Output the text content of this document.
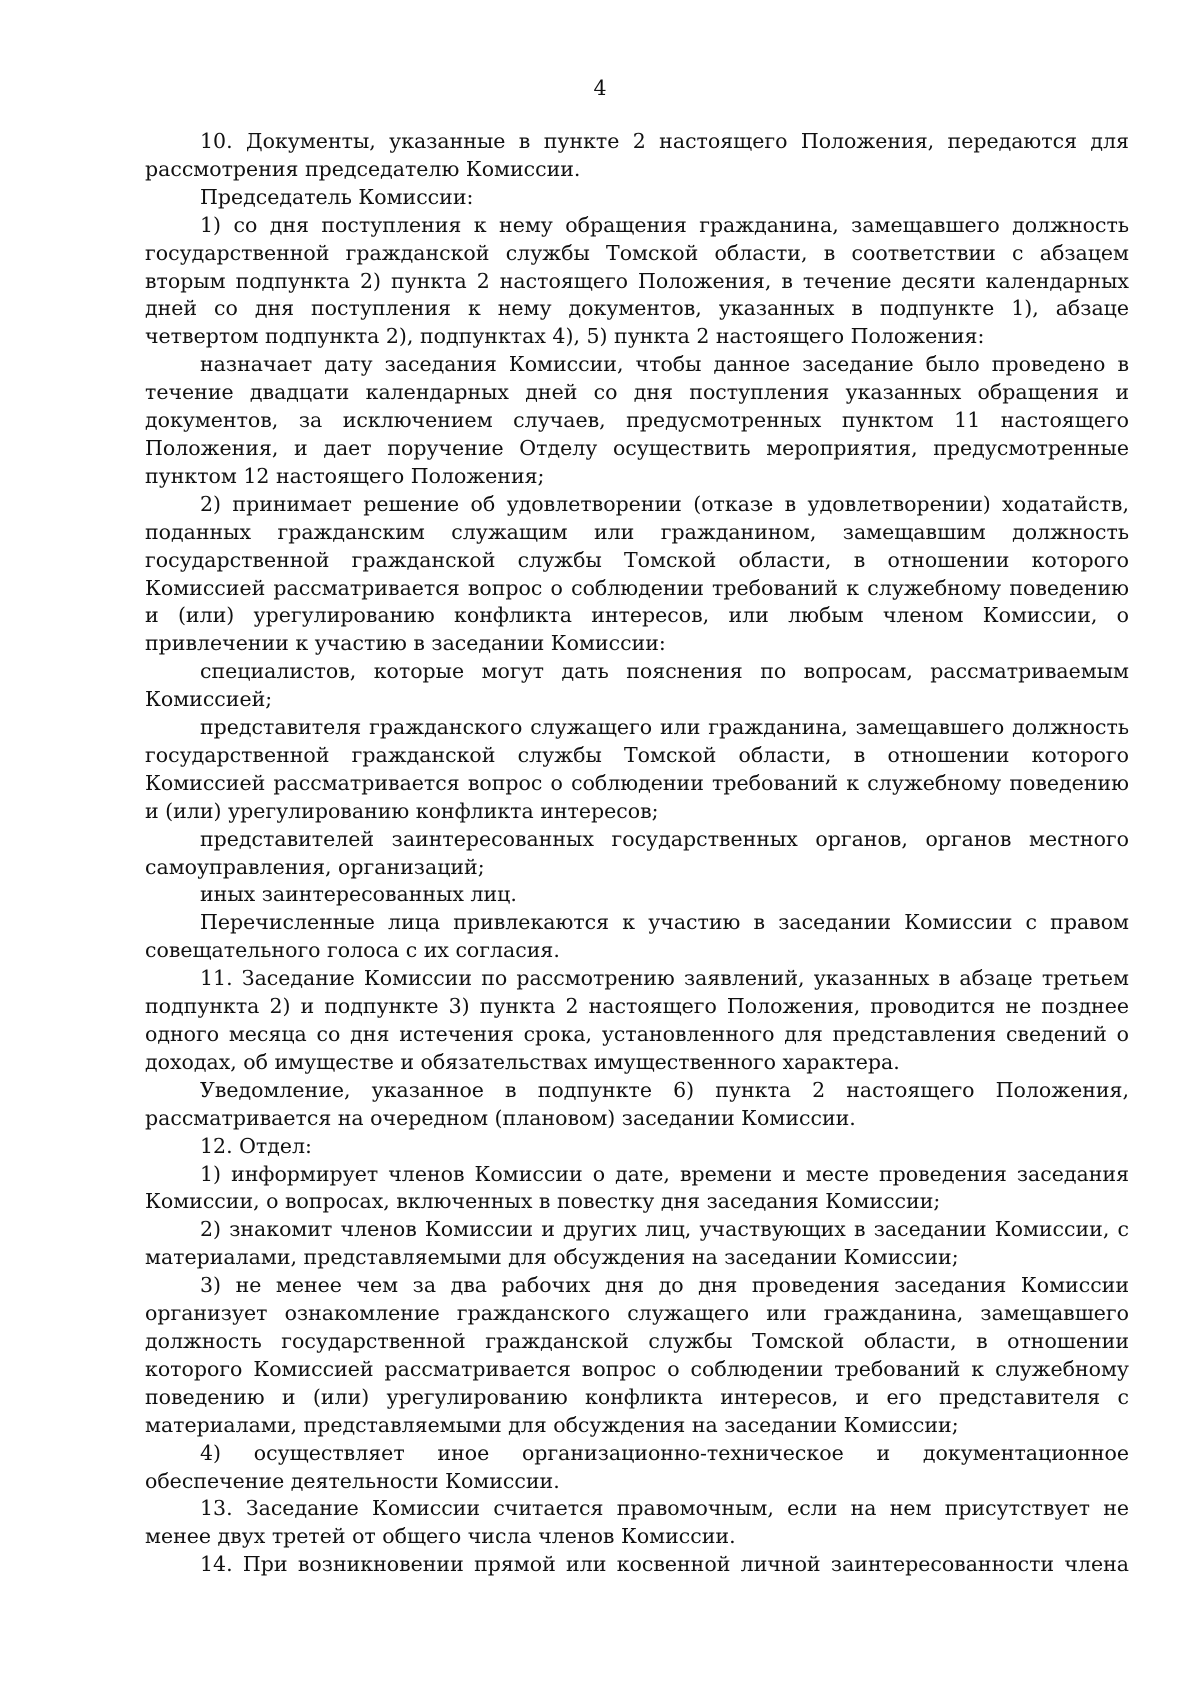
4

10. Документы, указанные в пункте 2 настоящего Положения, передаются для рассмотрения председателю Комиссии.

Председатель Комиссии:

1) со дня поступления к нему обращения гражданина, замещавшего должность государственной гражданской службы Томской области, в соответствии с абзацем вторым подпункта 2) пункта 2 настоящего Положения, в течение десяти календарных дней со дня поступления к нему документов, указанных в подпункте 1), абзаце четвертом подпункта 2), подпунктах 4), 5) пункта 2 настоящего Положения:

назначает дату заседания Комиссии, чтобы данное заседание было проведено в течение двадцати календарных дней со дня поступления указанных обращения и документов, за исключением случаев, предусмотренных пунктом 11 настоящего Положения, и дает поручение Отделу осуществить мероприятия, предусмотренные пунктом 12 настоящего Положения;

2) принимает решение об удовлетворении (отказе в удовлетворении) ходатайств, поданных гражданским служащим или гражданином, замещавшим должность государственной гражданской службы Томской области, в отношении которого Комиссией рассматривается вопрос о соблюдении требований к служебному поведению и (или) урегулированию конфликта интересов, или любым членом Комиссии, о привлечении к участию в заседании Комиссии:

специалистов, которые могут дать пояснения по вопросам, рассматриваемым Комиссией;

представителя гражданского служащего или гражданина, замещавшего должность государственной гражданской службы Томской области, в отношении которого Комиссией рассматривается вопрос о соблюдении требований к служебному поведению и (или) урегулированию конфликта интересов;

представителей заинтересованных государственных органов, органов местного самоуправления, организаций;

иных заинтересованных лиц.

Перечисленные лица привлекаются к участию в заседании Комиссии с правом совещательного голоса с их согласия.

11. Заседание Комиссии по рассмотрению заявлений, указанных в абзаце третьем подпункта 2) и подпункте 3) пункта 2 настоящего Положения, проводится не позднее одного месяца со дня истечения срока, установленного для представления сведений о доходах, об имуществе и обязательствах имущественного характера.

Уведомление, указанное в подпункте 6) пункта 2 настоящего Положения, рассматривается на очередном (плановом) заседании Комиссии.

12. Отдел:

1) информирует членов Комиссии о дате, времени и месте проведения заседания Комиссии, о вопросах, включенных в повестку дня заседания Комиссии;

2) знакомит членов Комиссии и других лиц, участвующих в заседании Комиссии, с материалами, представляемыми для обсуждения на заседании Комиссии;

3) не менее чем за два рабочих дня до дня проведения заседания Комиссии организует ознакомление гражданского служащего или гражданина, замещавшего должность государственной гражданской службы Томской области, в отношении которого Комиссией рассматривается вопрос о соблюдении требований к служебному поведению и (или) урегулированию конфликта интересов, и его представителя с материалами, представляемыми для обсуждения на заседании Комиссии;

4) осуществляет иное организационно-техническое и документационное обеспечение деятельности Комиссии.

13. Заседание Комиссии считается правомочным, если на нем присутствует не менее двух третей от общего числа членов Комиссии.

14. При возникновении прямой или косвенной личной заинтересованности члена
